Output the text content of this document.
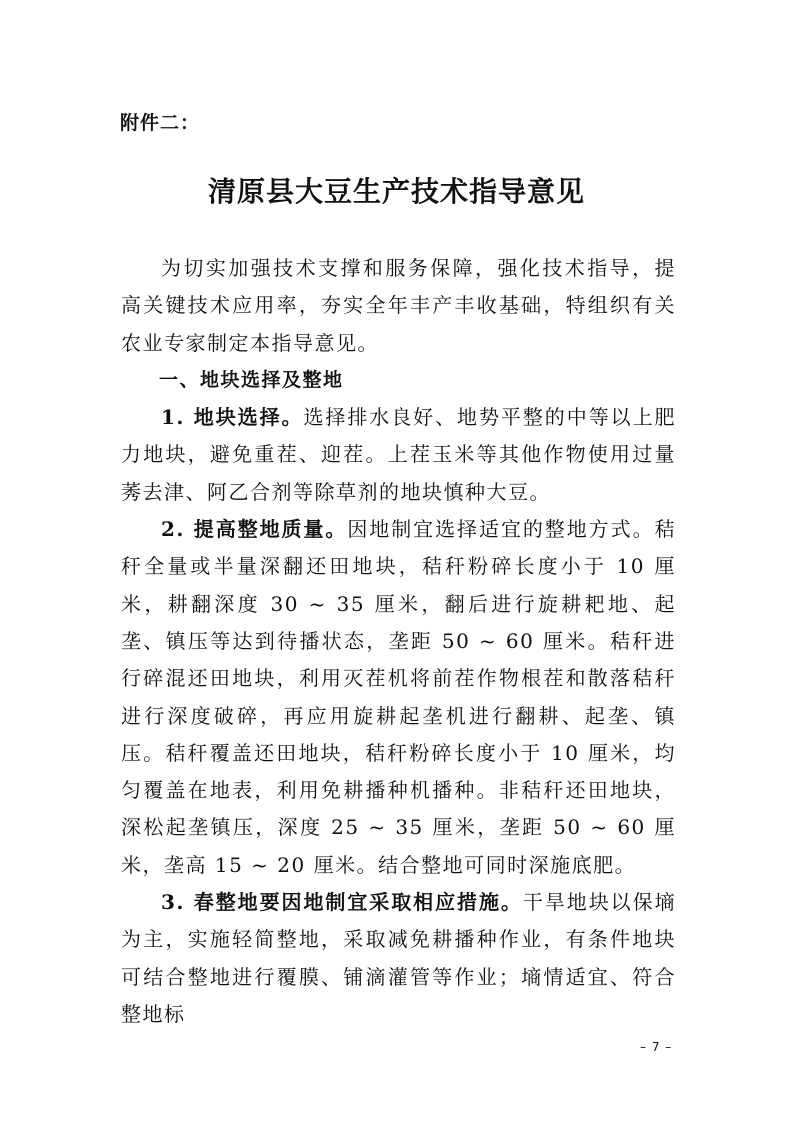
附件二：
清原县大豆生产技术指导意见

为切实加强技术支撑和服务保障，强化技术指导，提高关键技术应用率，夯实全年丰产丰收基础，特组织有关农业专家制定本指导意见。

一、地块选择及整地

1. 地块选择。选择排水良好、地势平整的中等以上肥力地块，避免重茬、迎茬。上茬玉米等其他作物使用过量莠去津、阿乙合剂等除草剂的地块慎种大豆。

2. 提高整地质量。因地制宜选择适宜的整地方式。秸秆全量或半量深翻还田地块，秸秆粉碎长度小于 10 厘米，耕翻深度 30 ~ 35 厘米，翻后进行旋耕耙地、起垄、镇压等达到待播状态，垄距 50 ~ 60 厘米。秸秆进行碎混还田地块，利用灭茬机将前茬作物根茬和散落秸秆进行深度破碎，再应用旋耕起垄机进行翻耕、起垄、镇压。秸秆覆盖还田地块，秸秆粉碎长度小于 10 厘米，均匀覆盖在地表，利用免耕播种机播种。非秸秆还田地块，深松起垄镇压，深度 25 ~ 35 厘米，垄距 50 ~ 60 厘米，垄高 15 ~ 20 厘米。结合整地可同时深施底肥。

3. 春整地要因地制宜采取相应措施。干旱地块以保墒为主，实施轻简整地，采取减免耕播种作业，有条件地块可结合整地进行覆膜、铺滴灌管等作业；墒情适宜、符合整地标

– 7 –
